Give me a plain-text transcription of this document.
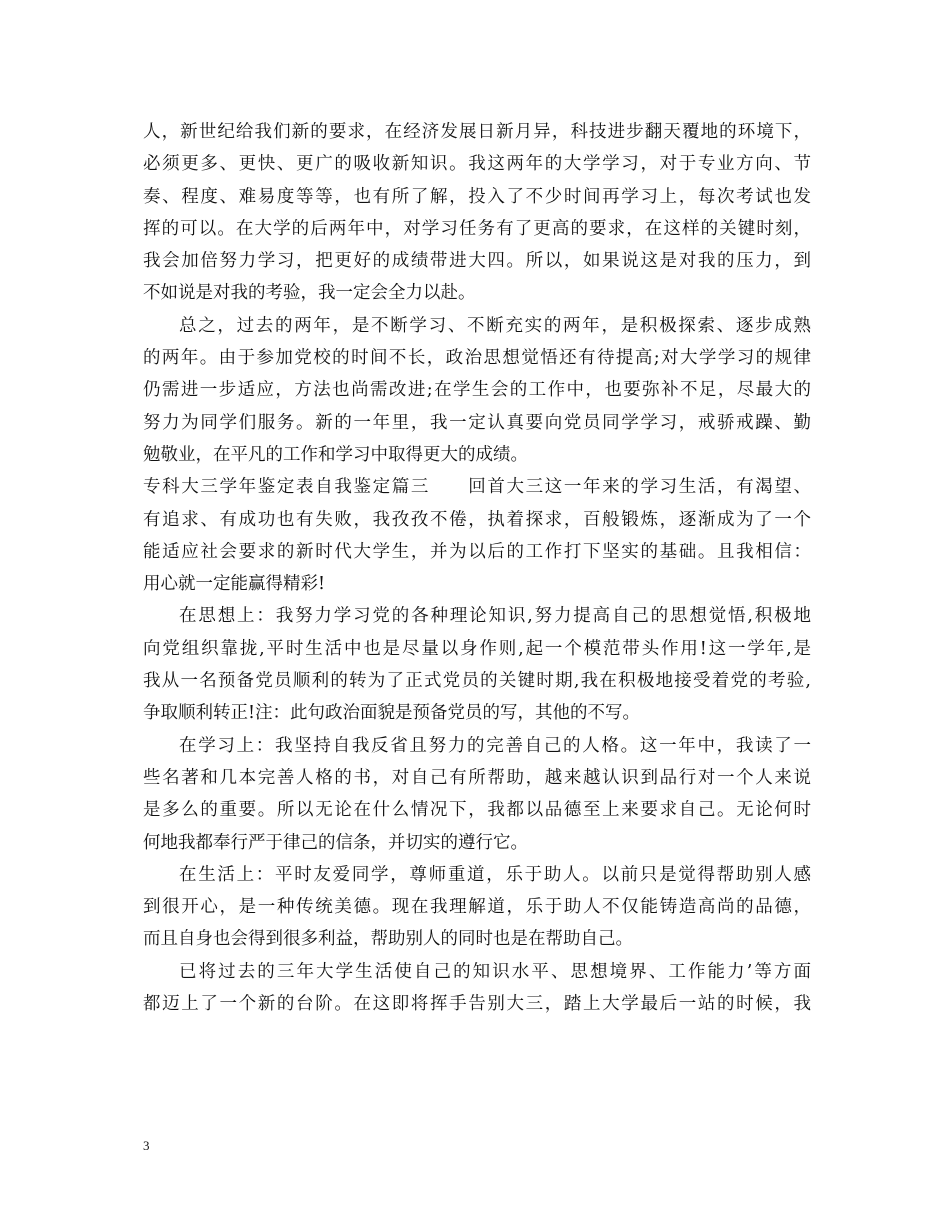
人，新世纪给我们新的要求，在经济发展日新月异，科技进步翻天覆地的环境下，
必须更多、更快、更广的吸收新知识。我这两年的大学学习，对于专业方向、节
奏、程度、难易度等等，也有所了解，投入了不少时间再学习上，每次考试也发
挥的可以。在大学的后两年中，对学习任务有了更高的要求，在这样的关键时刻，
我会加倍努力学习，把更好的成绩带进大四。所以，如果说这是对我的压力，到
不如说是对我的考验，我一定会全力以赴。
总之，过去的两年，是不断学习、不断充实的两年，是积极探索、逐步成熟
的两年。由于参加党校的时间不长，政治思想觉悟还有待提高;对大学学习的规律
仍需进一步适应，方法也尚需改进;在学生会的工作中，也要弥补不足，尽最大的
努力为同学们服务。新的一年里，我一定认真要向党员同学学习，戒骄戒躁、勤
勉敬业，在平凡的工作和学习中取得更大的成绩。
专科大三学年鉴定表自我鉴定篇三　　回首大三这一年来的学习生活，有渴望、
有追求、有成功也有失败，我孜孜不倦，执着探求，百般锻炼，逐渐成为了一个
能适应社会要求的新时代大学生，并为以后的工作打下坚实的基础。且我相信：
用心就一定能赢得精彩!
在思想上：我努力学习党的各种理论知识,努力提高自己的思想觉悟,积极地
向党组织靠拢,平时生活中也是尽量以身作则,起一个模范带头作用!这一学年,是
我从一名预备党员顺利的转为了正式党员的关键时期,我在积极地接受着党的考验,
争取顺利转正!注：此句政治面貌是预备党员的写，其他的不写。
在学习上：我坚持自我反省且努力的完善自己的人格。这一年中，我读了一
些名著和几本完善人格的书，对自己有所帮助，越来越认识到品行对一个人来说
是多么的重要。所以无论在什么情况下，我都以品德至上来要求自己。无论何时
何地我都奉行严于律己的信条，并切实的遵行它。
在生活上：平时友爱同学，尊师重道，乐于助人。以前只是觉得帮助别人感
到很开心，是一种传统美德。现在我理解道，乐于助人不仅能铸造高尚的品德，
而且自身也会得到很多利益，帮助别人的同时也是在帮助自己。
已将过去的三年大学生活使自己的知识水平、思想境界、工作能力’等方面
都迈上了一个新的台阶。在这即将挥手告别大三，踏上大学最后一站的时候，我
3
